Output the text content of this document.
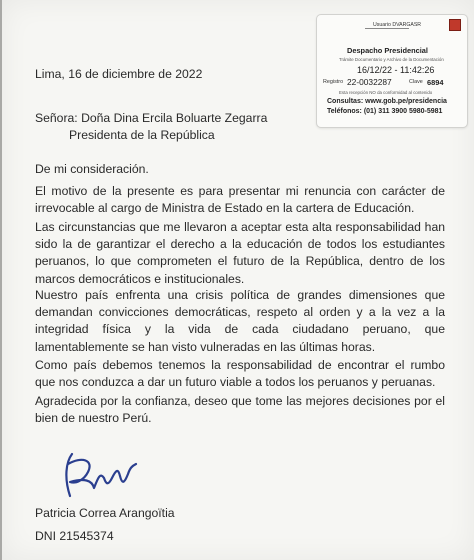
Usuario DVARGASR

Despacho Presidencial

Trámite Documentario y Archivo de la Documentación

16/12/22 - 11:42:26

Registro 22-0032287	Clave 6894

Esta recepción NO da conformidad al contenido

Consultas: www.gob.pe/presidencia

Teléfonos: (01) 311 3900 5980-5981

Lima, 16 de diciembre de 2022

Señora: Doña Dina Ercila Boluarte Zegarra

Presidenta de la República

De mi consideración.

El motivo de la presente es para presentar mi renuncia con carácter de irrevocable al cargo de Ministra de Estado en la cartera de Educación.

Las circunstancias que me llevaron a aceptar esta alta responsabilidad han sido la de garantizar el derecho a la educación de todos los estudiantes peruanos, lo que comprometen el futuro de la República, dentro de los marcos democráticos e institucionales.

Nuestro país enfrenta una crisis política de grandes dimensiones que demandan convicciones democráticas, respeto al orden y a la vez a la integridad física y la vida de cada ciudadano peruano, que lamentablemente se han visto vulneradas en las últimas horas.

Como país debemos tenemos la responsabilidad de encontrar el rumbo que nos conduzca a dar un futuro viable a todos los peruanos y peruanas.

Agradecida por la confianza, deseo que tome las mejores decisiones por el bien de nuestro Perú.

Patricia Correa Arangoïtia

DNI 21545374
